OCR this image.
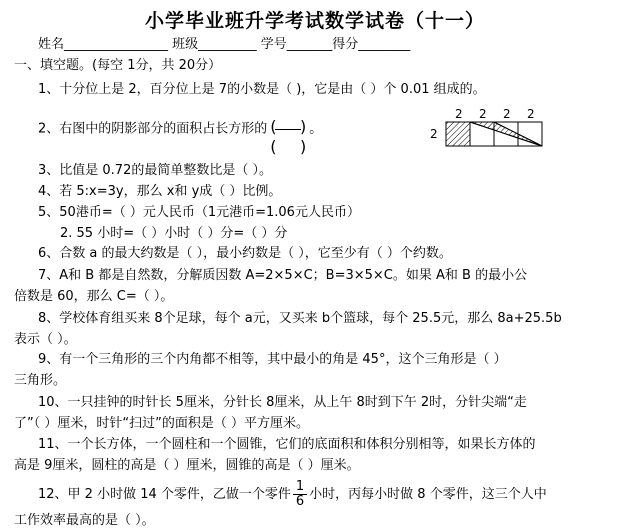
小学毕业班升学考试数学试卷（十一）
姓名________________ 班级_________ 学号_______得分________
一、填空题。(每空 1分，共 20分）
1、十分位上是 2，百分位上是 7的小数是（ )，它是由（ ）个 0.01 组成的。
2、右图中的阴影部分的面积占长方形的 (
(
)
)
。
2 2 2 2
2
3、比值是 0.72的最简单整数比是（ ）。
4、若 5:x=3y，那么 x和 y成（ ）比例。
5、50港币=（ ）元人民币（1元港币=1.06元人民币）
2. 55 小时=（ ）小时（ ）分=（ ）分
6、合数 a 的最大约数是（ ），最小约数是（ ），它至少有（ ）个约数。
7、A和 B 都是自然数，分解质因数 A=2×5×C；B=3×5×C。如果 A和 B 的最小公
倍数是 60，那么 C=（ ）。
8、学校体育组买来 8个足球，每个 a元，又买来 b个篮球，每个 25.5元，那么 8a+25.5b
表示（ ）。
9、有一个三角形的三个内角都不相等，其中最小的角是 45°，这个三角形是（ ）
三角形。
10、一只挂钟的时针长 5厘米，分针长 8厘米，从上午 8时到下午 2时，分针尖端“走
了”（ ）厘米，时针“扫过”的面积是（ ）平方厘米。
11、一个长方体，一个圆柱和一个圆锥，它们的底面积和体积分别相等，如果长方体的
高是 9厘米，圆柱的高是（ ）厘米，圆锥的高是（ ）厘米。
12、甲 2 小时做 14 个零件，乙做一个零件 $\frac{1}{6}$ 小时，丙每小时做 8 个零件，这三个人中
工作效率最高的是（ ）。
